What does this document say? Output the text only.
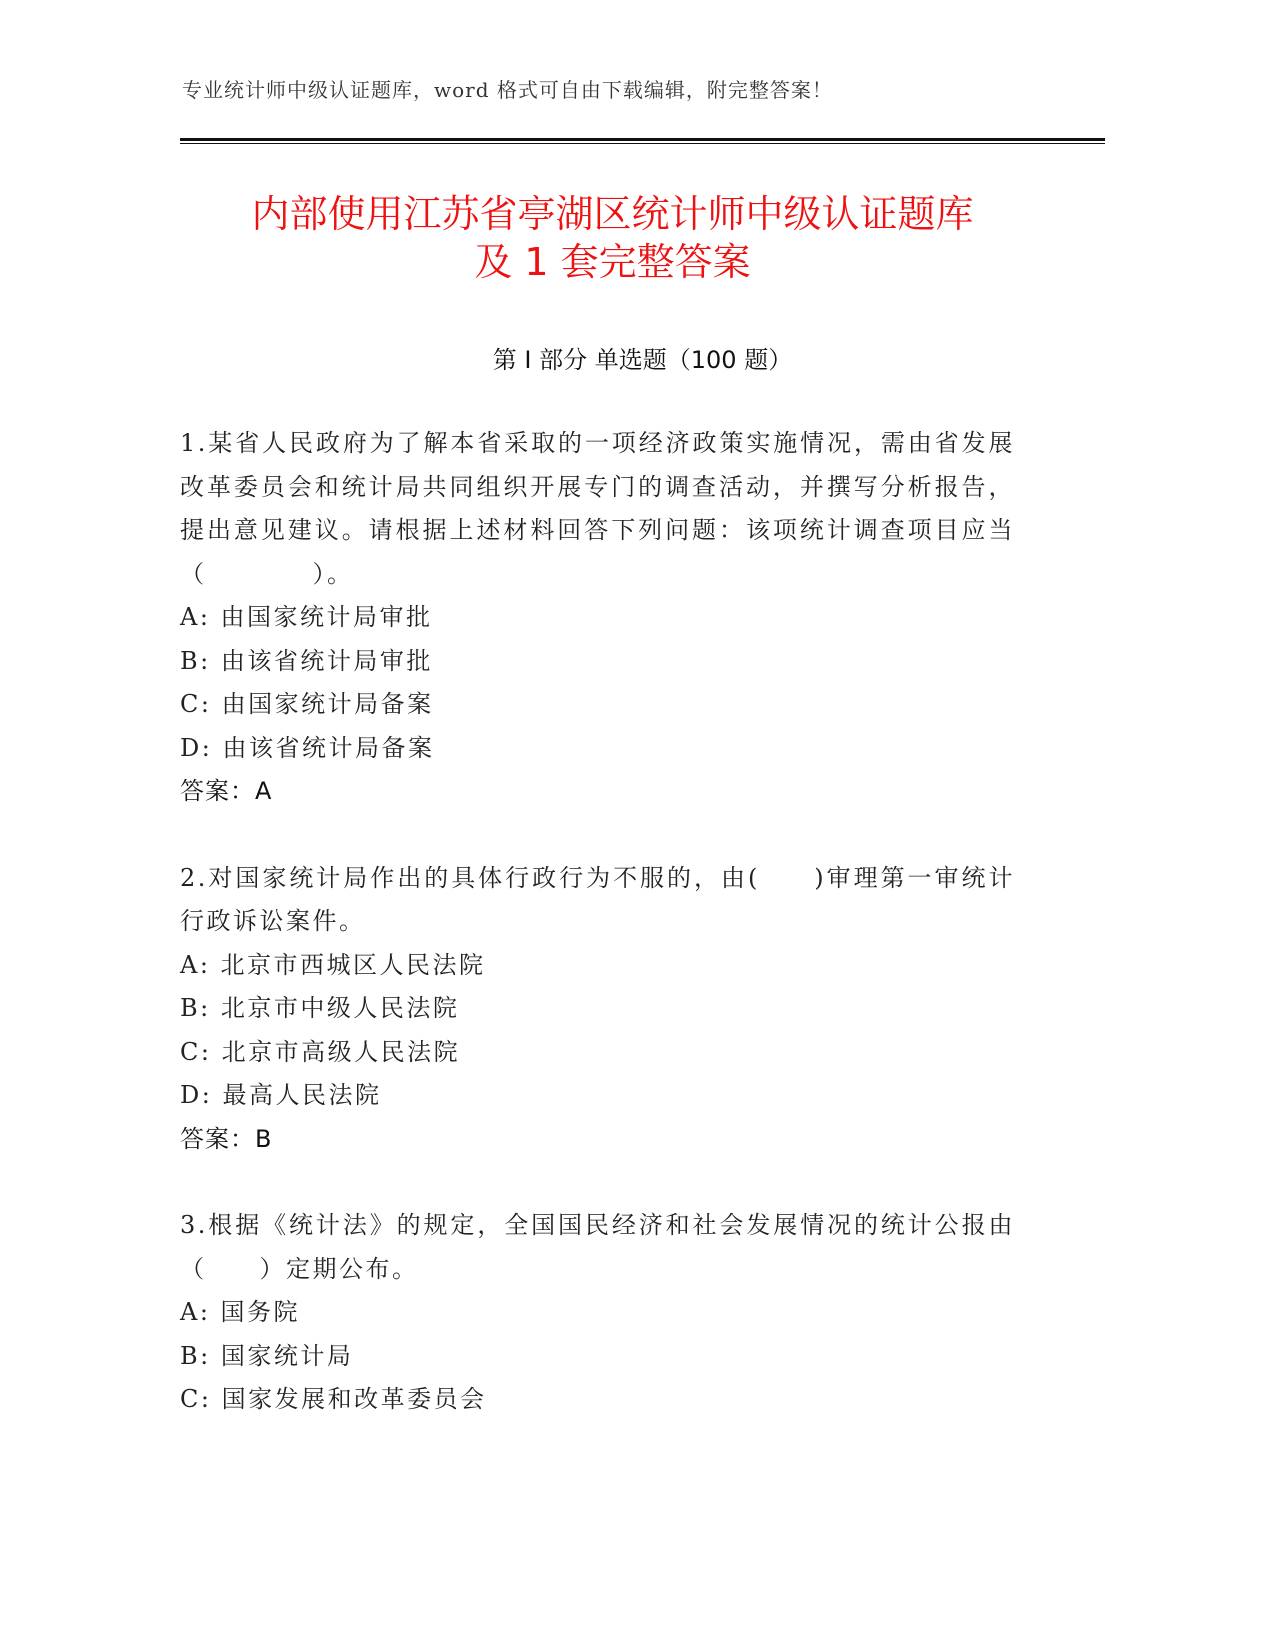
专业统计师中级认证题库，word 格式可自由下载编辑，附完整答案！
内部使用江苏省亭湖区统计师中级认证题库
及 1 套完整答案
第 I 部分 单选题（100 题）

1.某省人民政府为了解本省采取的一项经济政策实施情况，需由省发展改革委员会和统计局共同组织开展专门的调查活动，并撰写分析报告，提出意见建议。请根据上述材料回答下列问题：该项统计调查项目应当（　　　　）。

A: 由国家统计局审批

B: 由该省统计局审批

C: 由国家统计局备案

D: 由该省统计局备案

答案：A

2.对国家统计局作出的具体行政行为不服的，由(　　)审理第一审统计行政诉讼案件。

A: 北京市西城区人民法院

B: 北京市中级人民法院

C: 北京市高级人民法院

D: 最高人民法院

答案：B

3.根据《统计法》的规定，全国国民经济和社会发展情况的统计公报由（　　）定期公布。

A: 国务院

B: 国家统计局

C: 国家发展和改革委员会
